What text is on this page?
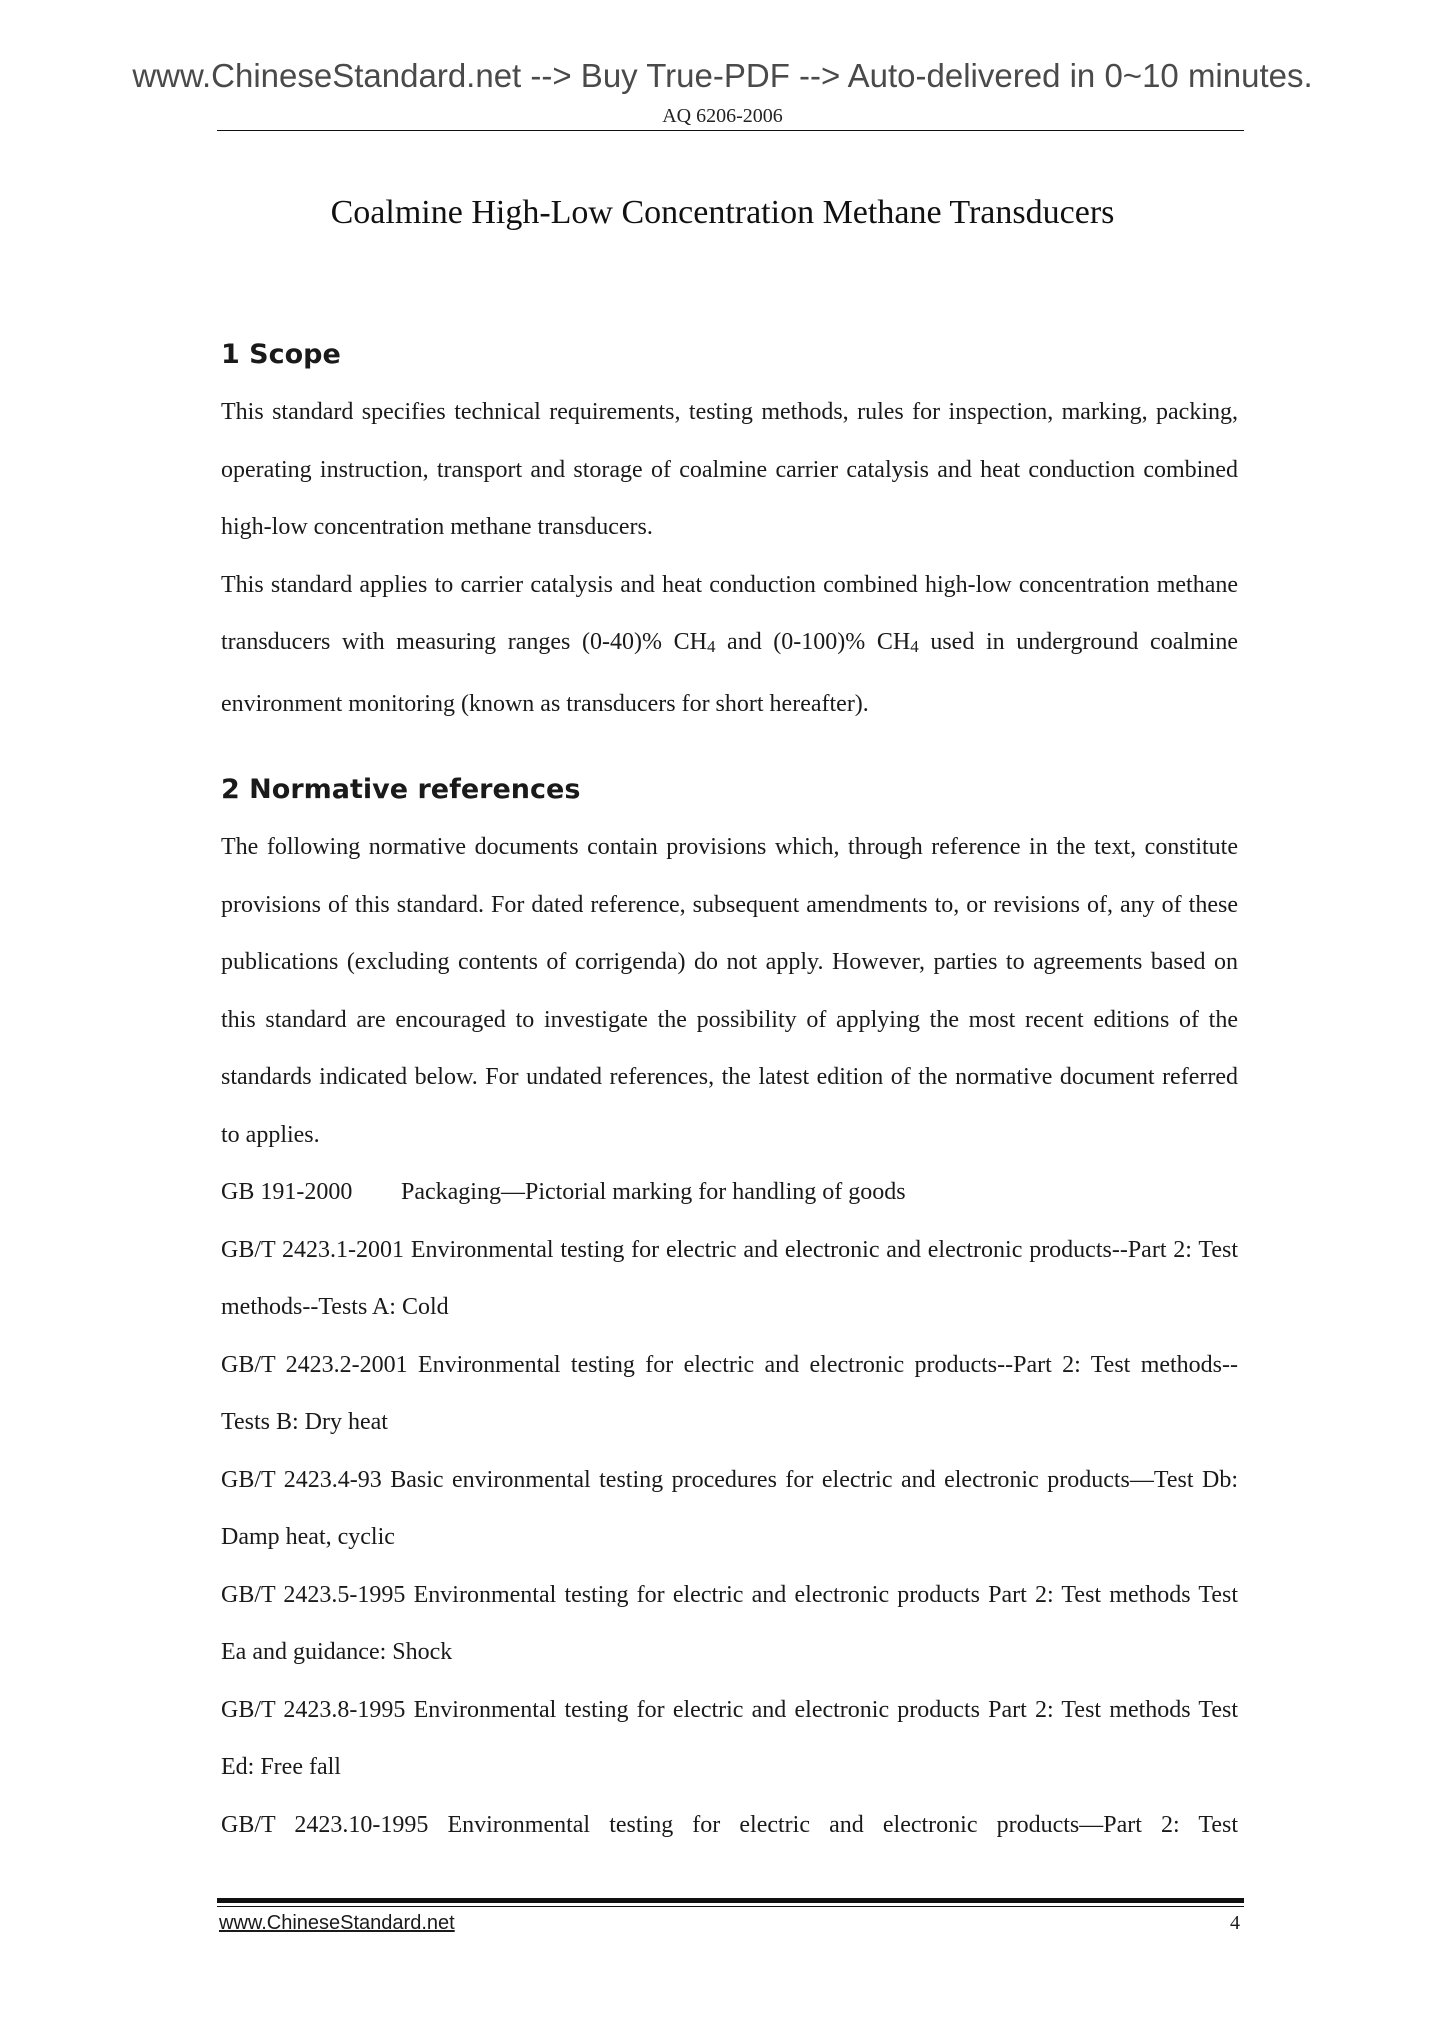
www.ChineseStandard.net --> Buy True-PDF --> Auto-delivered in 0~10 minutes.
AQ 6206-2006
Coalmine High-Low Concentration Methane Transducers
1 Scope

This standard specifies technical requirements, testing methods, rules for inspection, marking, packing, operating instruction, transport and storage of coalmine carrier catalysis and heat conduction combined high-low concentration methane transducers.

This standard applies to carrier catalysis and heat conduction combined high-low concentration methane transducers with measuring ranges (0-40)% $CH_4$ and (0-100)% $CH_4$ used in underground coalmine environment monitoring (known as transducers for short hereafter).

2 Normative references

The following normative documents contain provisions which, through reference in the text, constitute provisions of this standard. For dated reference, subsequent amendments to, or revisions of, any of these publications (excluding contents of corrigenda) do not apply. However, parties to agreements based on this standard are encouraged to investigate the possibility of applying the most recent editions of the standards indicated below. For undated references, the latest edition of the normative document referred to applies.

GB 191-2000 Packaging—Pictorial marking for handling of goods

GB/T 2423.1-2001 Environmental testing for electric and electronic and electronic products--Part 2: Test methods--Tests A: Cold

GB/T 2423.2-2001 Environmental testing for electric and electronic products--Part 2: Test methods--Tests B: Dry heat

GB/T 2423.4-93 Basic environmental testing procedures for electric and electronic products—Test Db: Damp heat, cyclic

GB/T 2423.5-1995 Environmental testing for electric and electronic products Part 2: Test methods Test Ea and guidance: Shock

GB/T 2423.8-1995 Environmental testing for electric and electronic products Part 2: Test methods Test Ed: Free fall

GB/T 2423.10-1995 Environmental testing for electric and electronic products—Part 2: Test

www.ChineseStandard.net	4
